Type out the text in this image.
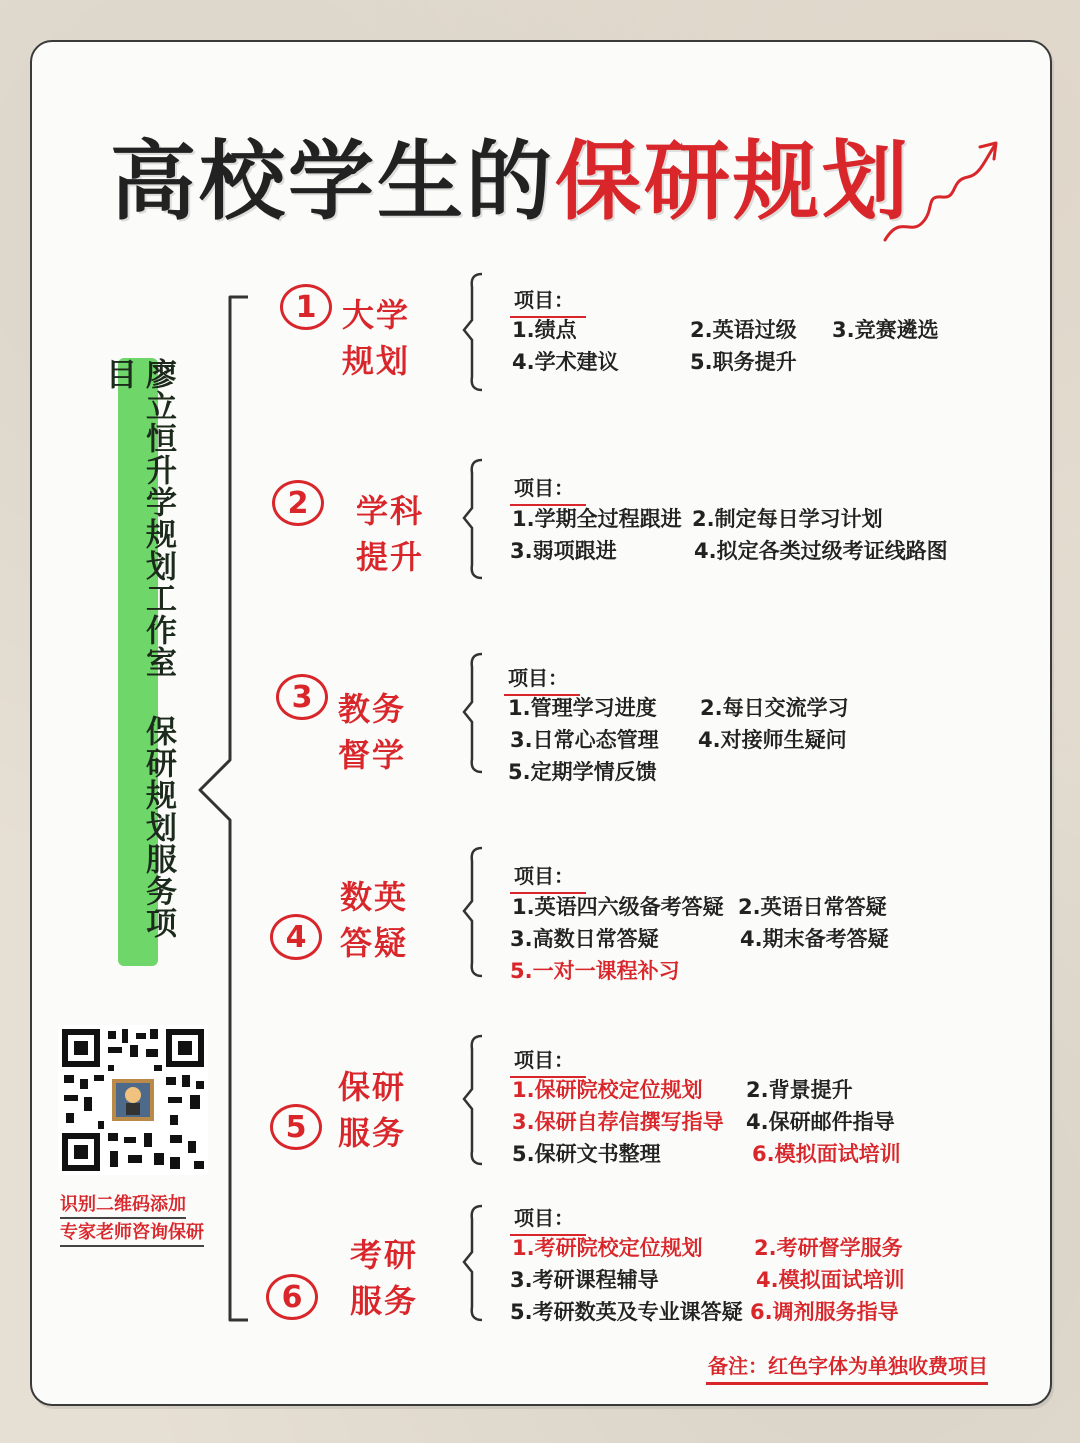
高校学生的保研规划
廖立恒升学规划工作室 保研规划服务项目
识别二维码添加
专家老师咨询保研
1 大学
规划
项目：
1.绩点	2.英语过级 3.竞赛遴选
4.学术建议	5.职务提升
2	学科
提升
项目：
1.学期全过程跟进 2.制定每日学习计划
3.弱项跟进	4.拟定各类过级考证线路图
3 教务
督学
项目：
1.管理学习进度 2.每日交流学习
3.日常心态管理 4.对接师生疑问
5.定期学情反馈
4
数英
答疑
项目：
1.英语四六级备考答疑 2.英语日常答疑
3.高数日常答疑	4.期末备考答疑
5.一对一课程补习
5
保研
服务
项目：
1.保研院校定位规划 2.背景提升
3.保研自荐信撰写指导 4.保研邮件指导
5.保研文书整理	6.模拟面试培训
6
考研
服务
项目：
1.考研院校定位规划 2.考研督学服务
3.考研课程辅导	4.模拟面试培训
5.考研数英及专业课答疑 6.调剂服务指导
备注：红色字体为单独收费项目
